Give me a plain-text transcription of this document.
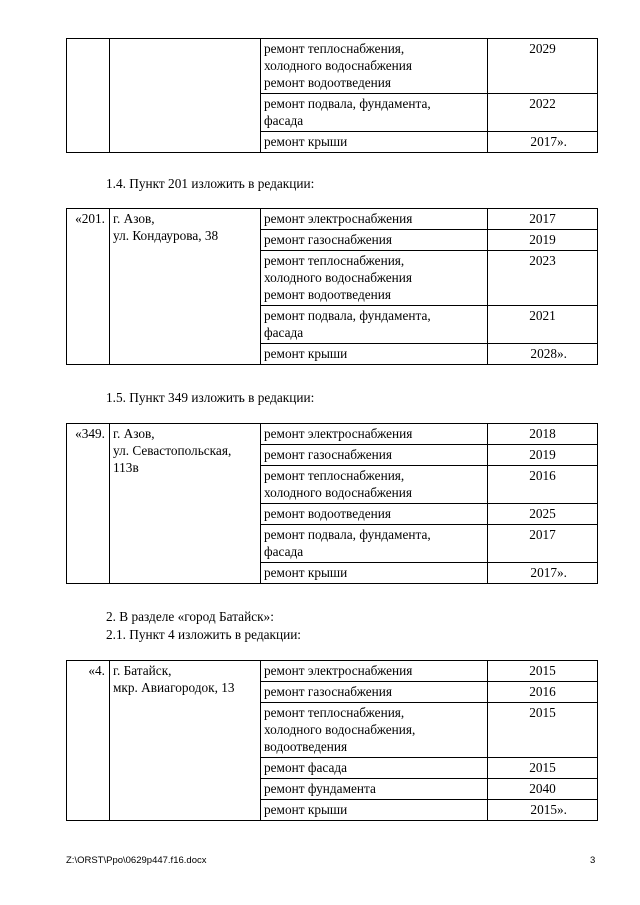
		ремонт теплоснабжения,
холодного водоснабжения
ремонт водоотведения	2029
		ремонт подвала, фундамента,
фасада	2022
		ремонт крыши	2017».
1.4. Пункт 201 изложить в редакции:
«201.	г. Азов,
ул. Кондаурова, 38	ремонт электроснабжения	2017
		ремонт газоснабжения	2019
		ремонт теплоснабжения,
холодного водоснабжения
ремонт водоотведения	2023
		ремонт подвала, фундамента,
фасада	2021
		ремонт крыши	2028».
1.5. Пункт 349 изложить в редакции:
«349.	г. Азов,
ул. Севастопольская,
113в	ремонт электроснабжения	2018
		ремонт газоснабжения	2019
		ремонт теплоснабжения,
холодного водоснабжения	2016
		ремонт водоотведения	2025
		ремонт подвала, фундамента,
фасада	2017
		ремонт крыши	2017».
2. В разделе «город Батайск»:
2.1. Пункт 4 изложить в редакции:
«4.	г. Батайск,
мкр. Авиагородок, 13	ремонт электроснабжения	2015
		ремонт газоснабжения	2016
		ремонт теплоснабжения,
холодного водоснабжения,
водоотведения	2015
		ремонт фасада	2015
		ремонт фундамента	2040
		ремонт крыши	2015».
Z:\ORST\Ppo\0629p447.f16.docx	3
